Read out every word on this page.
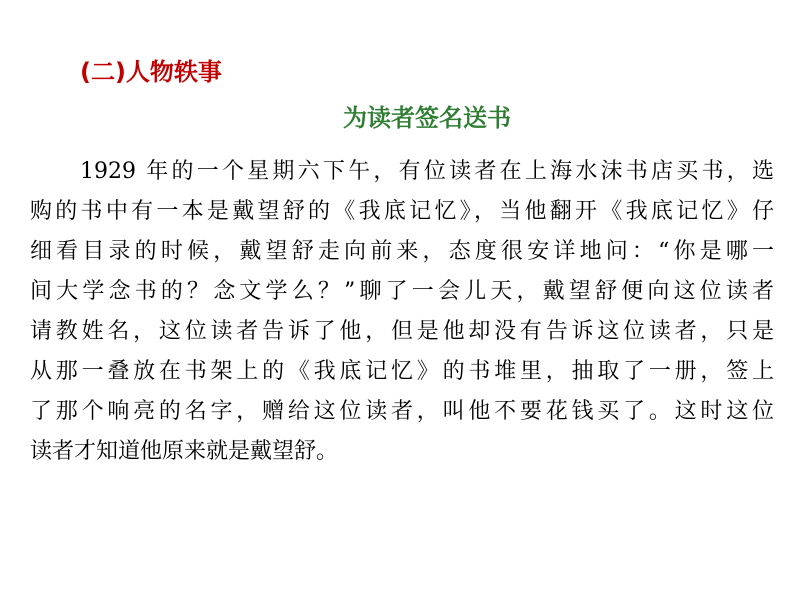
(二)人物轶事
为读者签名送书
1929 年的一个星期六下午，有位读者在上海水沫书店买书，选
购的书中有一本是戴望舒的《我底记忆》，当他翻开《我底记忆》仔
细看目录的时候，戴望舒走向前来，态度很安详地问：“你是哪一
间大学念书的？念文学么？”聊了一会儿天，戴望舒便向这位读者
请教姓名，这位读者告诉了他，但是他却没有告诉这位读者，只是
从那一叠放在书架上的《我底记忆》的书堆里，抽取了一册，签上
了那个响亮的名字，赠给这位读者，叫他不要花钱买了。这时这位
读者才知道他原来就是戴望舒。
